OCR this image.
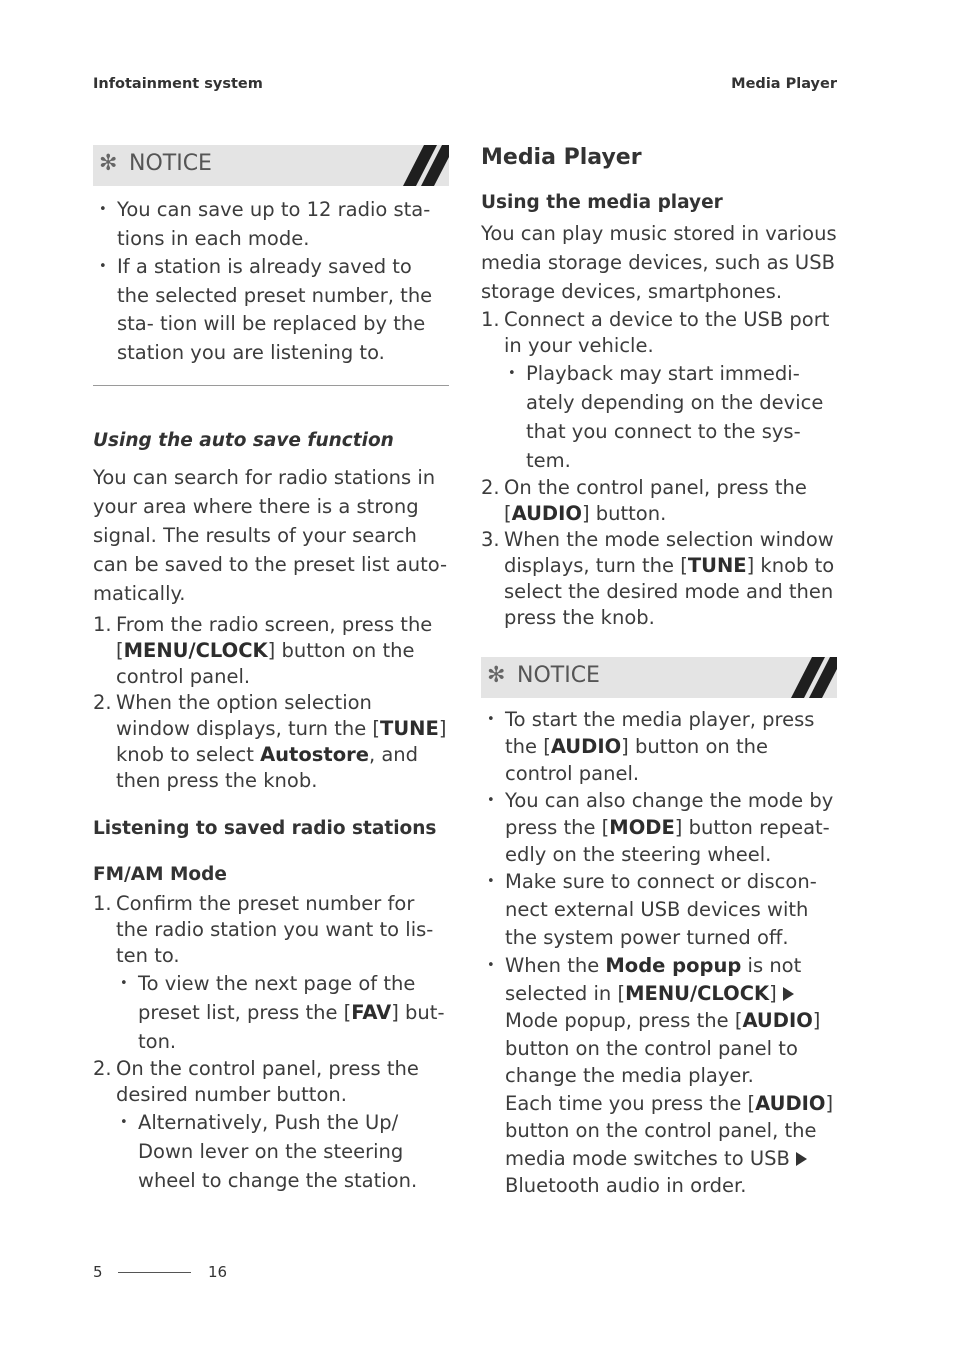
Infotainment system	Media Player
✻ NOTICE
• You can save up to 12 radio sta- tions in each mode.
• If a station is already saved to the selected preset number, the sta- tion will be replaced by the station you are listening to.
Using the auto save function

You can search for radio stations in your area where there is a strong signal. The results of your search can be saved to the preset list auto- matically.

1. From the radio screen, press the [MENU/CLOCK] button on the control panel.
2. When the option selection window displays, turn the [TUNE] knob to select Autostore, and then press the knob.
Listening to saved radio stations
FM/AM Mode
1. Confirm the preset number for the radio station you want to lis- ten to.
• To view the next page of the preset list, press the [FAV] but- ton.
2. On the control panel, press the desired number button.
• Alternatively, Push the Up/ Down lever on the steering wheel to change the station.
Media Player
Using the media player

You can play music stored in various media storage devices, such as USB storage devices, smartphones.

1. Connect a device to the USB port in your vehicle.
• Playback may start immedi- ately depending on the device that you connect to the sys- tem.
2. On the control panel, press the [AUDIO] button.
3. When the mode selection window displays, turn the [TUNE] knob to select the desired mode and then press the knob.
✻ NOTICE
• To start the media player, press the [AUDIO] button on the control panel.
• You can also change the mode by press the [MODE] button repeat- edly on the steering wheel.
• Make sure to connect or discon- nect external USB devices with the system power turned off.
• When the Mode popup is not selected in [MENU/CLOCK]
Mode popup, press the [AUDIO] button on the control panel to change the media player.
Each time you press the [AUDIO] button on the control panel, the media mode switches to USB
Bluetooth audio in order.
5	16
